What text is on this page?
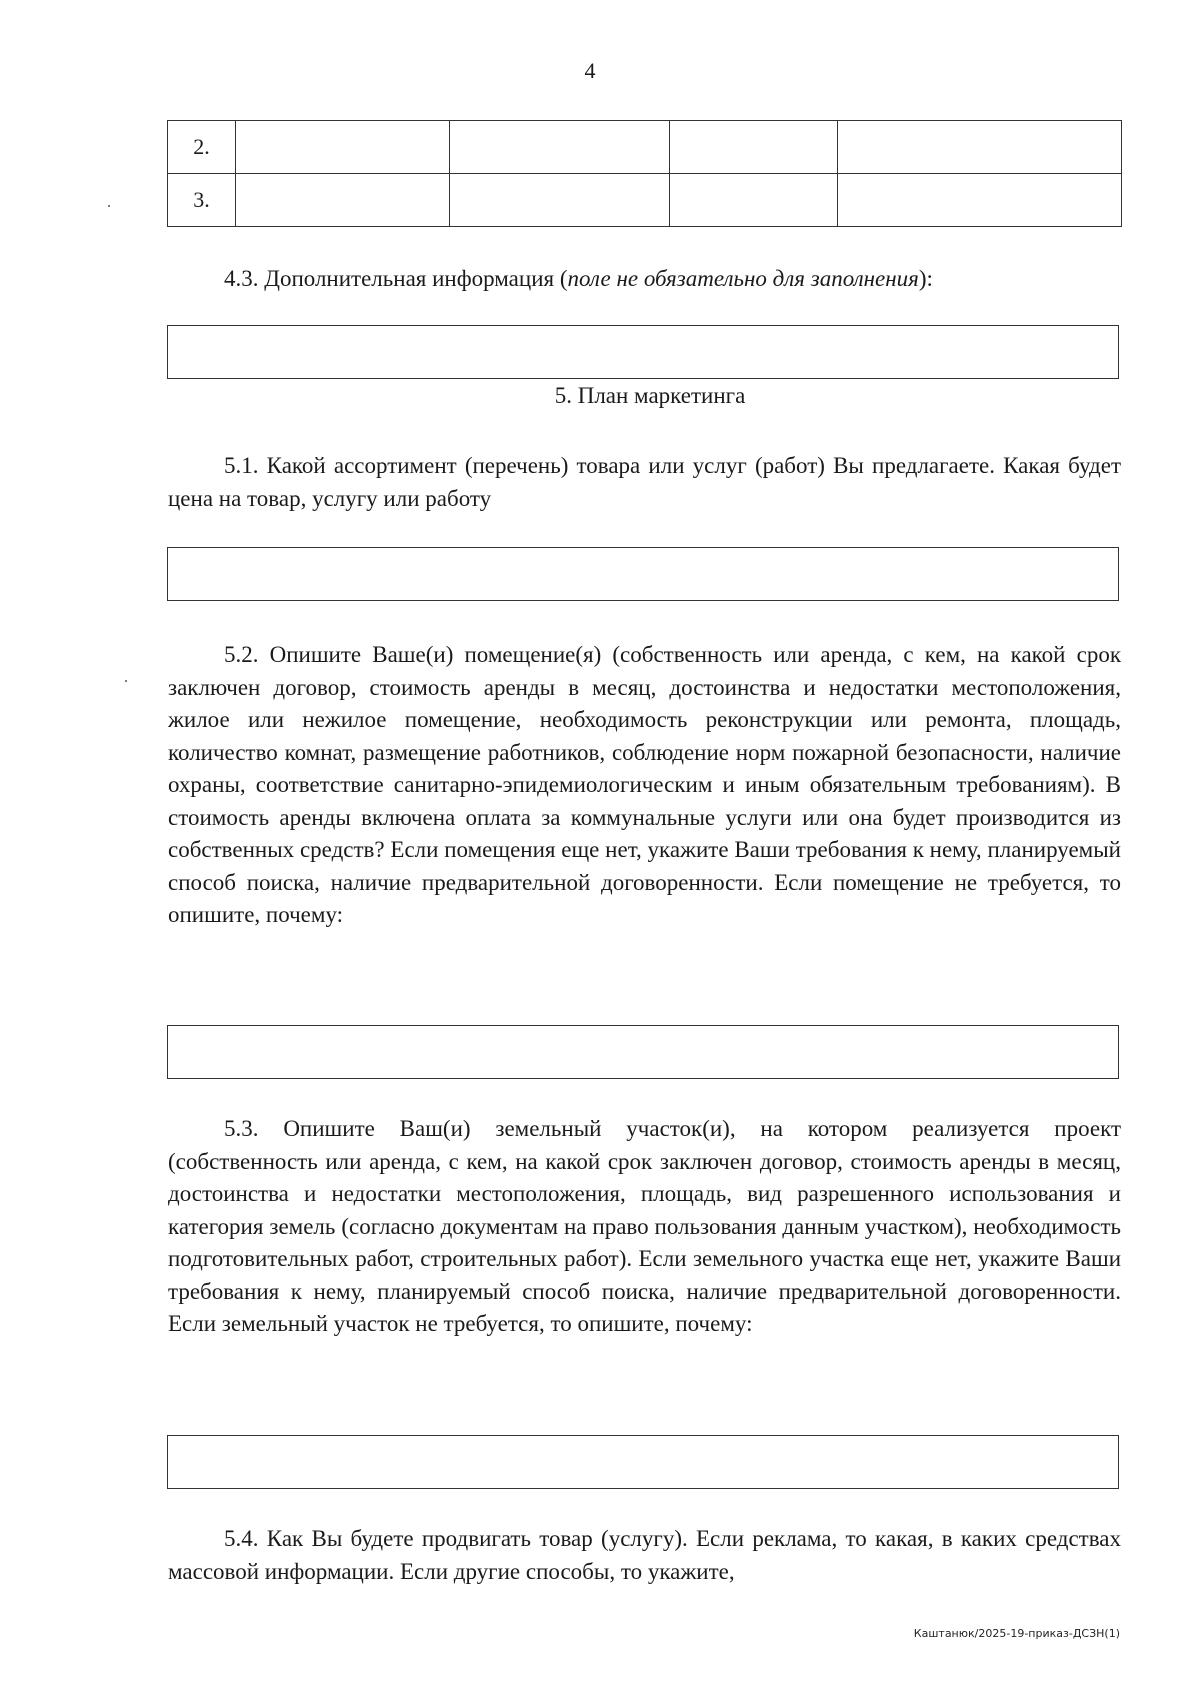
4
2.				
3.				
4.3. Дополнительная информация (поле не обязательно для заполнения):
5. План маркетинга
5.1. Какой ассортимент (перечень) товара или услуг (работ) Вы предлагаете. Какая будет цена на товар, услугу или работу
5.2. Опишите Ваше(и) помещение(я) (собственность или аренда, с кем, на какой срок заключен договор, стоимость аренды в месяц, достоинства и недостатки местоположения, жилое или нежилое помещение, необходимость реконструкции или ремонта, площадь, количество комнат, размещение работников, соблюдение норм пожарной безопасности, наличие охраны, соответствие санитарно-эпидемиологическим и иным обязательным требованиям). В стоимость аренды включена оплата за коммунальные услуги или она будет производится из собственных средств? Если помещения еще нет, укажите Ваши требования к нему, планируемый способ поиска, наличие предварительной договоренности. Если помещение не требуется, то опишите, почему:
5.3. Опишите Ваш(и) земельный участок(и), на котором реализуется проект (собственность или аренда, с кем, на какой срок заключен договор, стоимость аренды в месяц, достоинства и недостатки местоположения, площадь, вид разрешенного использования и категория земель (согласно документам на право пользования данным участком), необходимость подготовительных работ, строительных работ). Если земельного участка еще нет, укажите Ваши требования к нему, планируемый способ поиска, наличие предварительной договоренности. Если земельный участок не требуется, то опишите, почему:
5.4. Как Вы будете продвигать товар (услугу). Если реклама, то какая, в каких средствах массовой информации. Если другие способы, то укажите,
Каштанюк/2025-19-приказ-ДСЗН(1)
